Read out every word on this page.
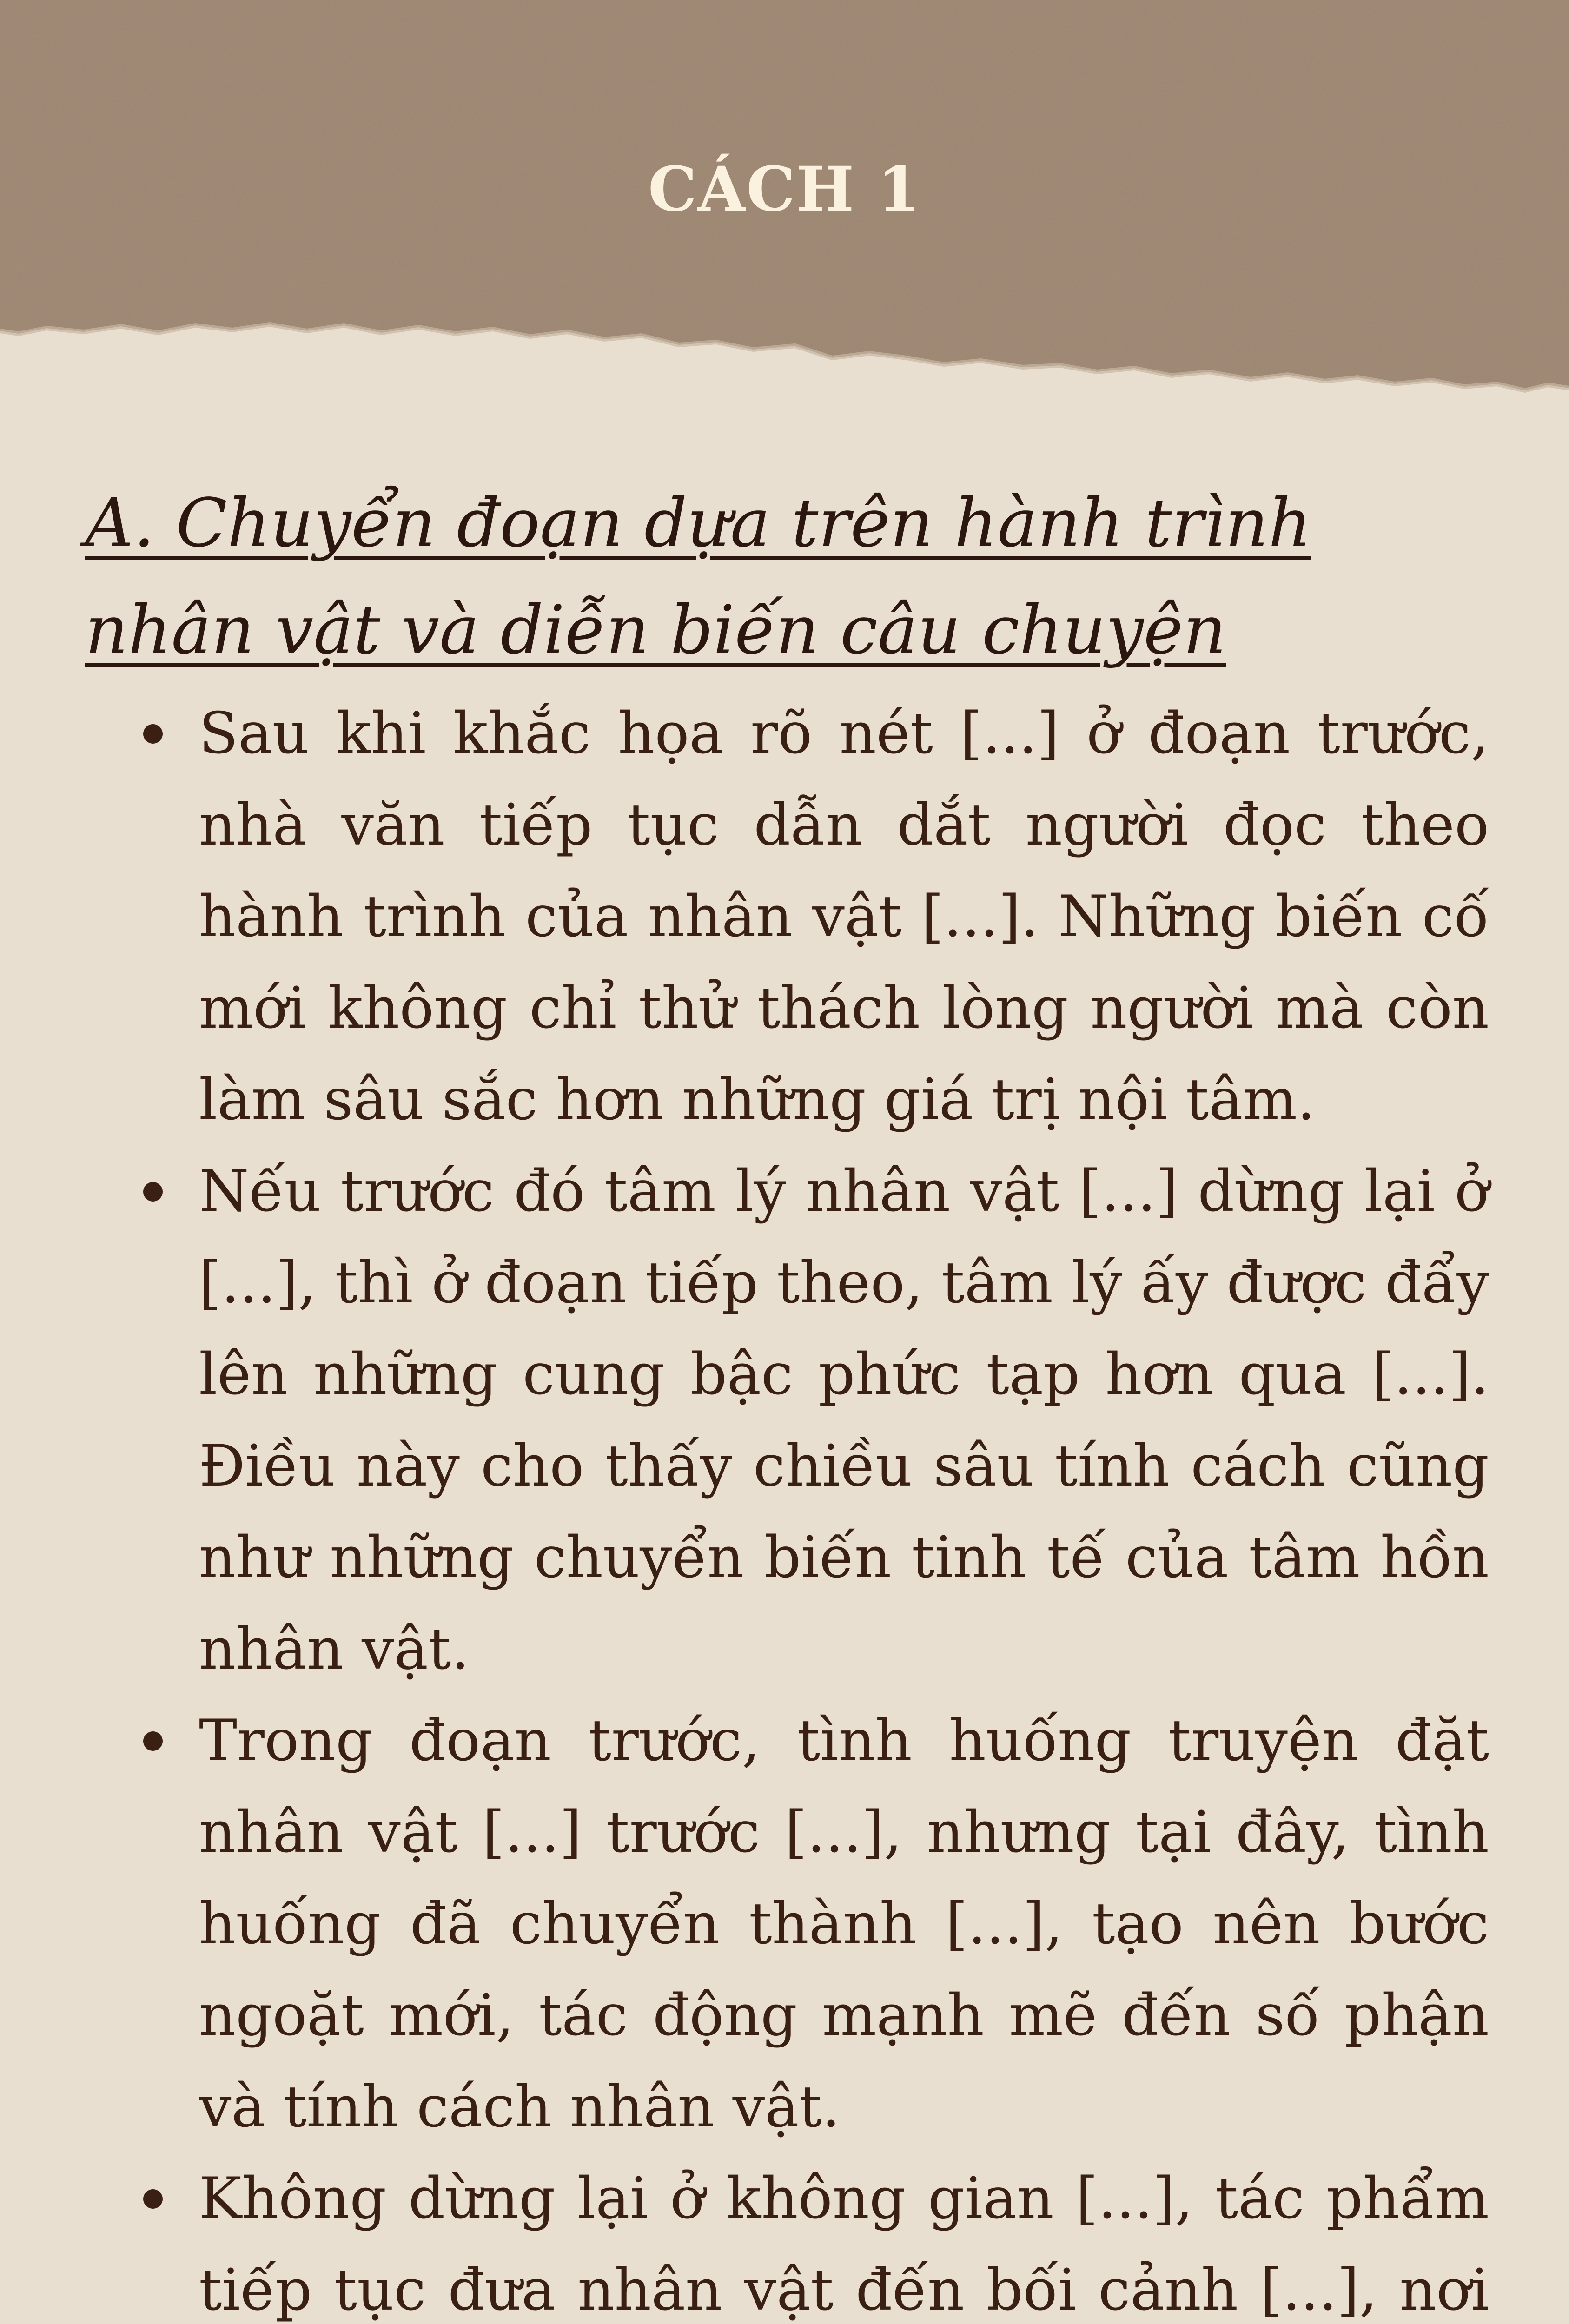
CÁCH 1
A. Chuyển đoạn dựa trên hành trình nhân vật và diễn biến câu chuyện
Sau khi khắc họa rõ nét [...] ở đoạn trước, nhà văn tiếp tục dẫn dắt người đọc theo hành trình của nhân vật [...]. Những biến cố mới không chỉ thử thách lòng người mà còn làm sâu sắc hơn những giá trị nội tâm.
Nếu trước đó tâm lý nhân vật [...] dừng lại ở [...], thì ở đoạn tiếp theo, tâm lý ấy được đẩy lên những cung bậc phức tạp hơn qua [...]. Điều này cho thấy chiều sâu tính cách cũng như những chuyển biến tinh tế của tâm hồn nhân vật.
Trong đoạn trước, tình huống truyện đặt nhân vật [...] trước [...], nhưng tại đây, tình huống đã chuyển thành [...], tạo nên bước ngoặt mới, tác động mạnh mẽ đến số phận và tính cách nhân vật.
Không dừng lại ở không gian [...], tác phẩm tiếp tục đưa nhân vật đến bối cảnh [...], nơi
